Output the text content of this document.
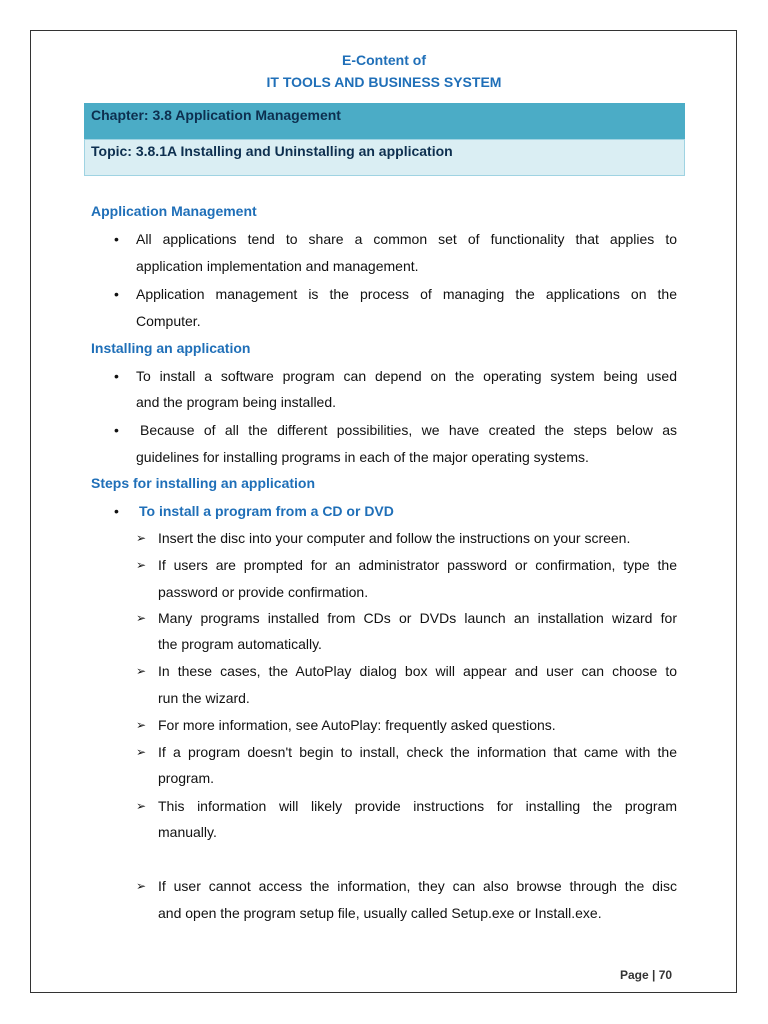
E-Content of
IT TOOLS AND BUSINESS SYSTEM
Chapter: 3.8 Application Management
Topic: 3.8.1A Installing and Uninstalling an application
Application Management
• All applications tend to share a common set of functionality that applies to
application implementation and management.
• Application management is the process of managing the applications on the
Computer.
Installing an application
• To install a software program can depend on the operating system being used
and the program being installed.
• Because of all the different possibilities, we have created the steps below as
guidelines for installing programs in each of the major operating systems.
Steps for installing an application
• To install a program from a CD or DVD
➢ Insert the disc into your computer and follow the instructions on your screen.
➢ If users are prompted for an administrator password or confirmation, type the
password or provide confirmation.
➢ Many programs installed from CDs or DVDs launch an installation wizard for
the program automatically.
➢ In these cases, the AutoPlay dialog box will appear and user can choose to
run the wizard.
➢ For more information, see AutoPlay: frequently asked questions.
➢ If a program doesn't begin to install, check the information that came with the
program.
➢ This information will likely provide instructions for installing the program
manually.
➢ If user cannot access the information, they can also browse through the disc
and open the program setup file, usually called Setup.exe or Install.exe.
Page | 70
